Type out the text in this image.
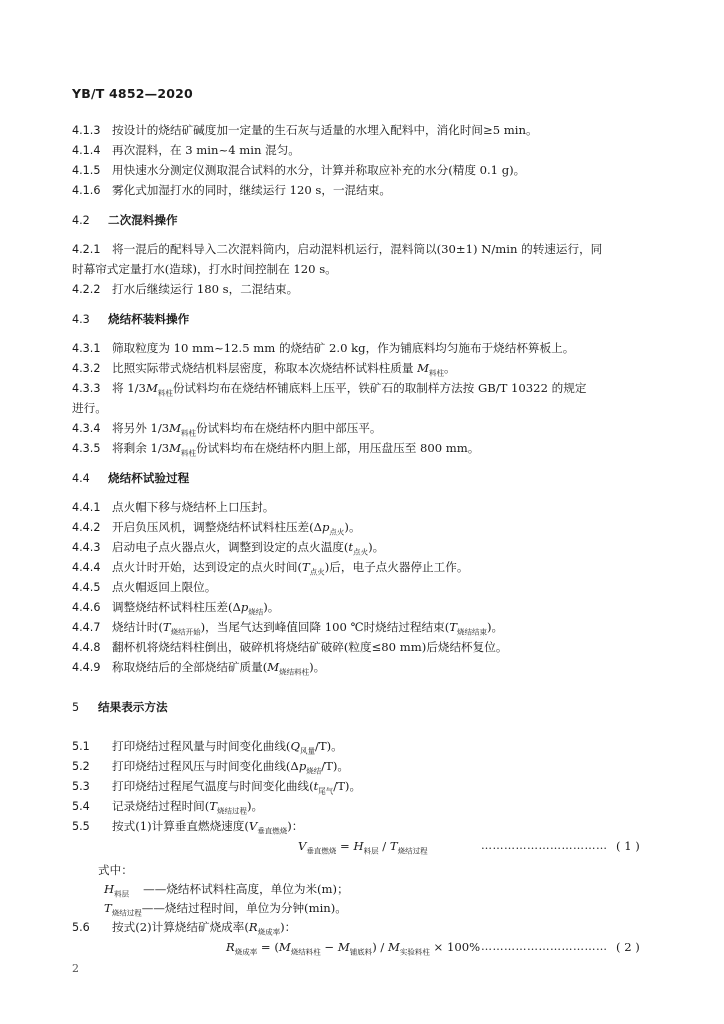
YB/T 4852—2020
4.1.3 按设计的烧结矿碱度加一定量的生石灰与适量的水埋入配料中，消化时间≥5 min。
4.1.4 再次混料，在 3 min~4 min 混匀。
4.1.5 用快速水分测定仪测取混合试料的水分，计算并称取应补充的水分(精度 0.1 g)。
4.1.6 雾化式加湿打水的同时，继续运行 120 s，一混结束。
4.2 二次混料操作
4.2.1 将一混后的配料导入二次混料筒内，启动混料机运行，混料筒以(30±1) N/min 的转速运行，同
时幕帘式定量打水(造球)，打水时间控制在 120 s。
4.2.2 打水后继续运行 180 s，二混结束。
4.3 烧结杯装料操作
4.3.1 筛取粒度为 10 mm~12.5 mm 的烧结矿 2.0 kg，作为铺底料均匀施布于烧结杯箅板上。
4.3.2 比照实际带式烧结机料层密度，称取本次烧结杯试料柱质量 $M_{料柱}$。
4.3.3 将 $1/3M_{料柱}$份试料均布在烧结杯铺底料上压平，铁矿石的取制样方法按 GB/T 10322 的规定
进行。
4.3.4 将另外 $1/3M_{料柱}$份试料均布在烧结杯内胆中部压平。
4.3.5 将剩余 $1/3M_{料柱}$份试料均布在烧结杯内胆上部，用压盘压至 800 mm。
4.4 烧结杯试验过程
4.4.1 点火帽下移与烧结杯上口压封。
4.4.2 开启负压风机，调整烧结杯试料柱压差$(\Delta p_{点火})$。
4.4.3 启动电子点火器点火，调整到设定的点火温度$(t_{点火})$。
4.4.4 点火计时开始，达到设定的点火时间$(T_{点火})$后，电子点火器停止工作。
4.4.5 点火帽返回上限位。
4.4.6 调整烧结杯试料柱压差$(\Delta p_{烧结})$。
4.4.7 烧结计时$(T_{烧结开始})$，当尾气达到峰值回降 100 ℃时烧结过程结束$(T_{烧结结束})$。
4.4.8 翻杯机将烧结料柱倒出，破碎机将烧结矿破碎(粒度≤80 mm)后烧结杯复位。
4.4.9 称取烧结后的全部烧结矿质量$(M_{烧结料柱})$。
5 结果表示方法
5.1 打印烧结过程风量与时间变化曲线$(Q_{风量}/T)$。
5.2 打印烧结过程风压与时间变化曲线$(\Delta p_{烧结}/T)$。
5.3 打印烧结过程尾气温度与时间变化曲线$(t_{尾气}/T)$。
5.4 记录烧结过程时间$(T_{烧结过程})$。
5.5 按式(1)计算垂直燃烧速度$(V_{垂直燃烧})$：
$V_{垂直燃烧} = H_{料层} / T_{烧结过程}$	…………………………… ( 1 )
式中：
$H_{料层}$ ——烧结杯试料柱高度，单位为米(m)；
$T_{烧结过程}——$烧结过程时间，单位为分钟(min)。
5.6 按式(2)计算烧结矿烧成率$(R_{烧成率})$：
$R_{烧成率} = (M_{烧结料柱} - M_{铺底料}) / M_{实验料柱} \times 100\%$ …………………………… ( 2 )
2
